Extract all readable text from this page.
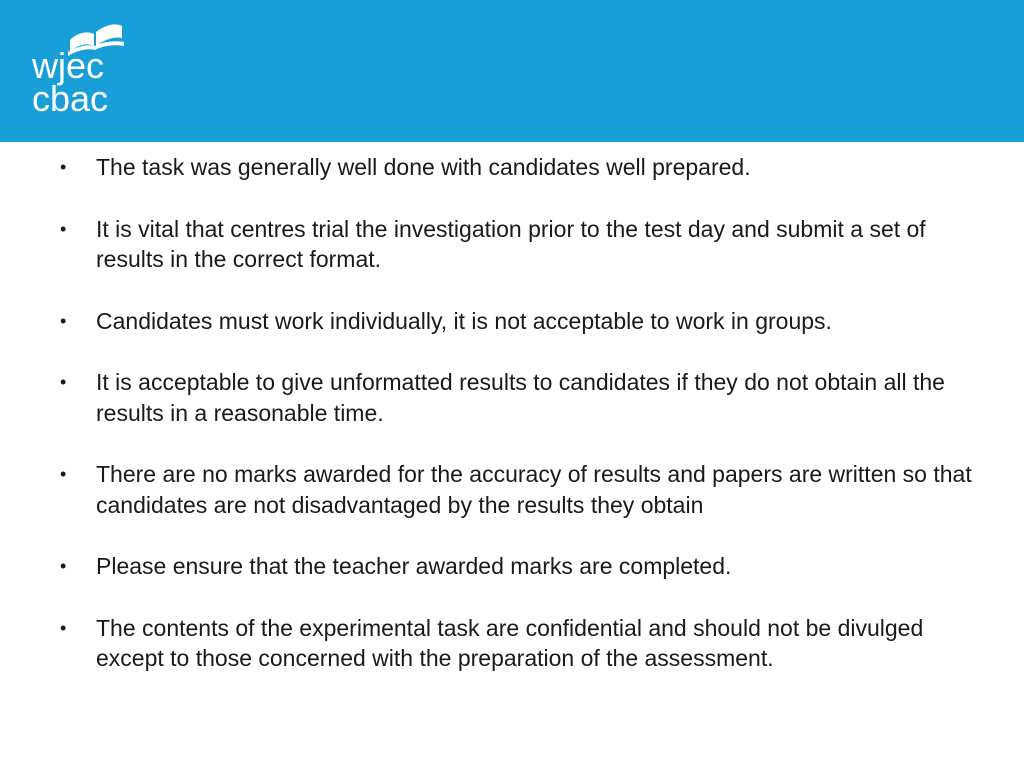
wjec
cbac
• The task was generally well done with candidates well prepared.
• It is vital that centres trial the investigation prior to the test day and submit a set of results in the correct format.
• Candidates must work individually, it is not acceptable to work in groups.
• It is acceptable to give unformatted results to candidates if they do not obtain all the results in a reasonable time.
• There are no marks awarded for the accuracy of results and papers are written so that candidates are not disadvantaged by the results they obtain
• Please ensure that the teacher awarded marks are completed.
• The contents of the experimental task are confidential and should not be divulged except to those concerned with the preparation of the assessment.
